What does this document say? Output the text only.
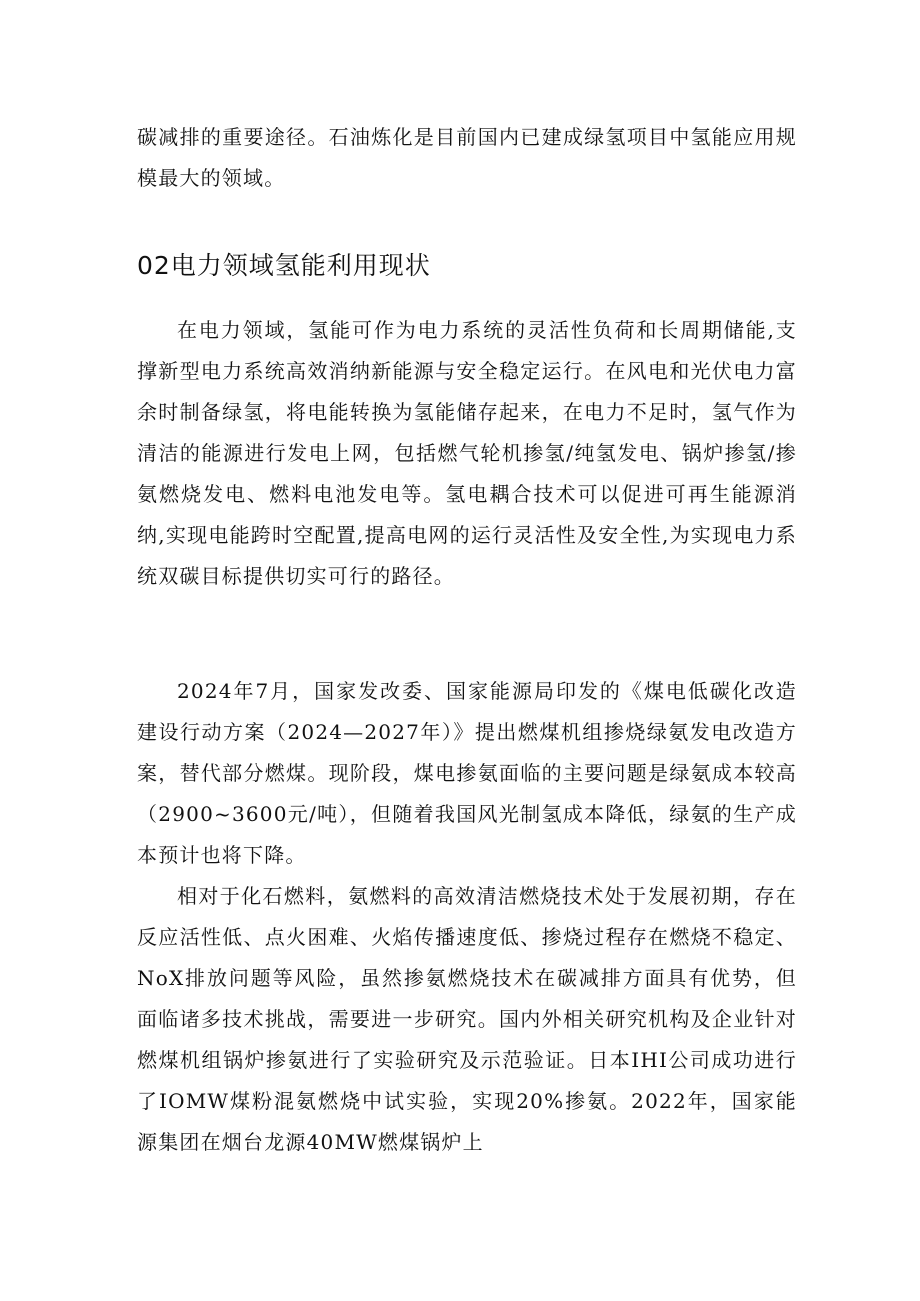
碳减排的重要途径。石油炼化是目前国内已建成绿氢项目中氢能应用规模最大的领域。

02电力领域氢能利用现状

在电力领域，氢能可作为电力系统的灵活性负荷和长周期储能,支撑新型电力系统高效消纳新能源与安全稳定运行。在风电和光伏电力富余时制备绿氢，将电能转换为氢能储存起来，在电力不足时，氢气作为清洁的能源进行发电上网，包括燃气轮机掺氢/纯氢发电、锅炉掺氢/掺氨燃烧发电、燃料电池发电等。氢电耦合技术可以促进可再生能源消纳,实现电能跨时空配置,提高电网的运行灵活性及安全性,为实现电力系统双碳目标提供切实可行的路径。

2024年7月，国家发改委、国家能源局印发的《煤电低碳化改造建设行动方案（2024—2027年）》提出燃煤机组掺烧绿氨发电改造方案，替代部分燃煤。现阶段，煤电掺氨面临的主要问题是绿氨成本较高（2900~3600元/吨），但随着我国风光制氢成本降低，绿氨的生产成本预计也将下降。

相对于化石燃料，氨燃料的高效清洁燃烧技术处于发展初期，存在反应活性低、点火困难、火焰传播速度低、掺烧过程存在燃烧不稳定、NoX排放问题等风险，虽然掺氨燃烧技术在碳减排方面具有优势，但面临诸多技术挑战，需要进一步研究。国内外相关研究机构及企业针对燃煤机组锅炉掺氨进行了实验研究及示范验证。日本IHI公司成功进行了IOMW煤粉混氨燃烧中试实验，实现20%掺氨。2022年，国家能源集团在烟台龙源40MW燃煤锅炉上
